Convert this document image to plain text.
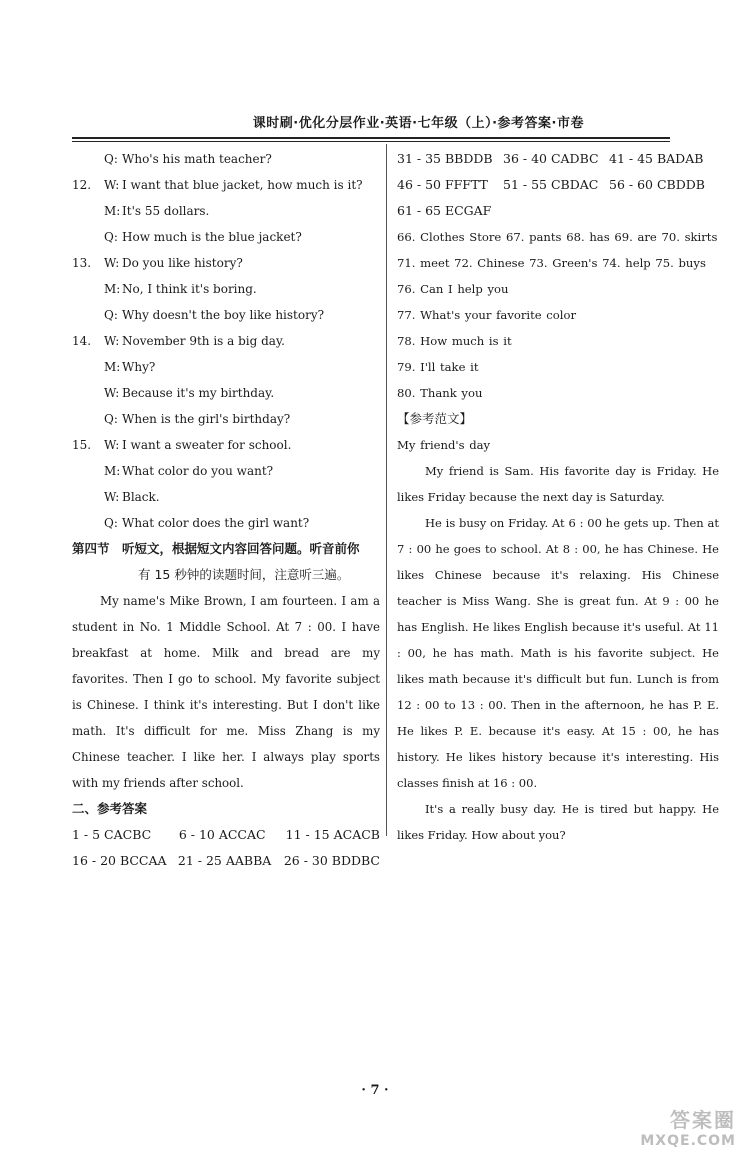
课时刷·优化分层作业·英语·七年级（上）·参考答案·市卷
Q: Who's his math teacher?
12.	W: I want that blue jacket, how much is it?
M: It's 55 dollars.
Q: How much is the blue jacket?
13.	W: Do you like history?
M: No, I think it's boring.
Q: Why doesn't the boy like history?
14.	W: November 9th is a big day.
M: Why?
W: Because it's my birthday.
Q: When is the girl's birthday?
15.	W: I want a sweater for school.
M: What color do you want?
W: Black.
Q: What color does the girl want?
第四节　听短文，根据短文内容回答问题。听音前你
有 15 秒钟的读题时间，注意听三遍。
My name's Mike Brown, I am fourteen. I am a student in No. 1 Middle School. At 7 : 00. I have breakfast at home. Milk and bread are my favorites. Then I go to school. My favorite subject is Chinese. I think it's interesting. But I don't like math. It's difficult for me. Miss Zhang is my Chinese teacher. I like her. I always play sports with my friends after school.
二、参考答案
1 - 5 CACBC	6 - 10 ACCAC	11 - 15 ACACB
16 - 20 BCCAA 21 - 25 AABBA 26 - 30 BDDBC
31 - 35 BBDDB 36 - 40 CADBC 41 - 45 BADAB
46 - 50 FFFTT	51 - 55 CBDAC 56 - 60 CBDDB
61 - 65 ECGAF
66. Clothes Store 67. pants 68. has 69. are 70. skirts
71. meet 72. Chinese 73. Green's 74. help 75. buys
76. Can I help you
77. What's your favorite color
78. How much is it
79. I'll take it
80. Thank you
【参考范文】
My friend's day

My friend is Sam. His favorite day is Friday. He likes Friday because the next day is Saturday.

He is busy on Friday. At 6 : 00 he gets up. Then at 7 : 00 he goes to school. At 8 : 00, he has Chinese. He likes Chinese because it's relaxing. His Chinese teacher is Miss Wang. She is great fun. At 9 : 00 he has English. He likes English because it's useful. At 11 : 00, he has math. Math is his favorite subject. He likes math because it's difficult but fun. Lunch is from 12 : 00 to 13 : 00. Then in the afternoon, he has P. E. He likes P. E. because it's easy. At 15 : 00, he has history. He likes history because it's interesting. His classes finish at 16 : 00.

It's a really busy day. He is tired but happy. He likes Friday. How about you?

· 7 ·
答案圈
MXQE.COM
